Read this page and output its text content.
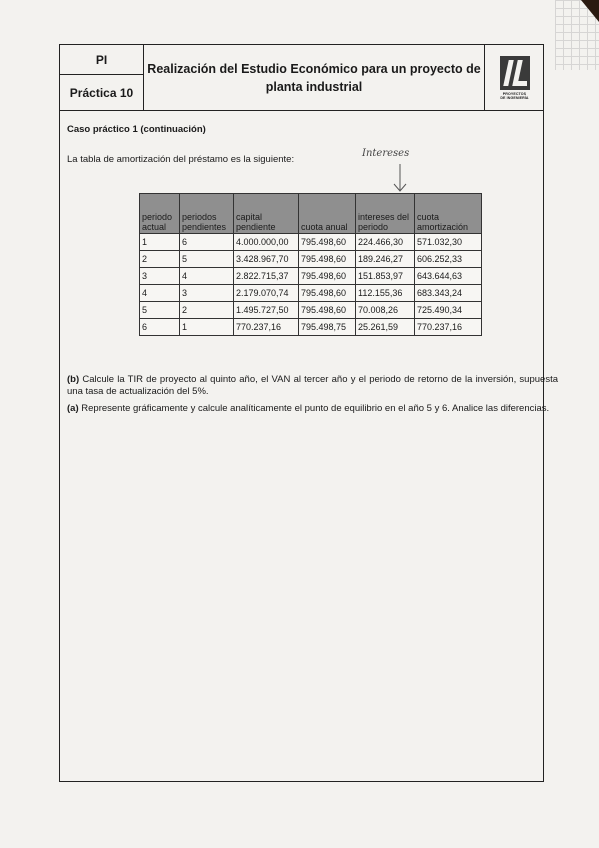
PI
Práctica 10
Realización del Estudio Económico para un proyecto de
planta industrial	PROYECTOS
DE INGENIERÍA
Caso práctico 1 (continuación)
La tabla de amortización del préstamo es la siguiente:
Intereses
periodo actual	periodos pendientes	capital pendiente	cuota anual	intereses del periodo	cuota amortización
1	6	4.000.000,00	795.498,60	224.466,30	571.032,30
2	5	3.428.967,70	795.498,60	189.246,27	606.252,33
3	4	2.822.715,37	795.498,60	151.853,97	643.644,63
4	3	2.179.070,74	795.498,60	112.155,36	683.343,24
5	2	1.495.727,50	795.498,60	70.008,26	725.490,34
6	1	770.237,16	795.498,75	25.261,59	770.237,16
(b) Calcule la TIR de proyecto al quinto año, el VAN al tercer año y el periodo de retorno de la inversión, supuesta una tasa de actualización del 5%.
(a) Represente gráficamente y calcule analíticamente el punto de equilibrio en el año 5 y 6. Analice las diferencias.
